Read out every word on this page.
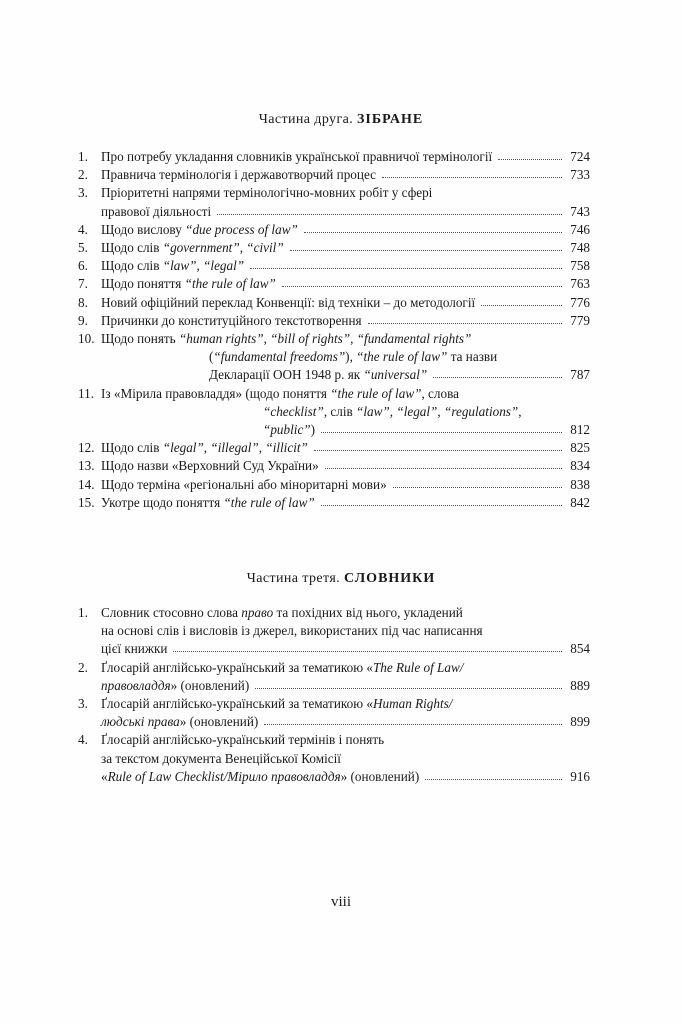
Частина друга. ЗІБРАНЕ
1. Про потребу укладання словників української правничої термінології	724
2. Правнича термінологія і державотворчий процес	733
3. Пріоритетні напрями термінологічно-мовних робіт у сфері
правової діяльності	743
4. Щодо вислову “due process of law”	746
5. Щодо слів “government”, “civil”	748
6. Щодо слів “law”, “legal”	758
7. Щодо поняття “the rule of law”	763
8. Новий офіційний переклад Конвенції: від техніки – до методології	776
9. Причинки до конституційного текстотворення	779
10. Щодо понять “human rights”, “bill of rights”, “fundamental rights”
(“fundamental freedoms”), “the rule of law” та назви
Декларації ООН 1948 р. як “universal”	787
11. Із «Мірила правовладдя» (щодо поняття “the rule of law”, слова
“checklist”, слів “law”, “legal”, “regulations”,
“public”)	812
12. Щодо слів “legal”, “illegal”, “illicit”	825
13. Щодо назви «Верховний Суд України»	834
14. Щодо терміна «регіональні або міноритарні мови»	838
15. Укотре щодо поняття “the rule of law”	842
Частина третя. СЛОВНИКИ
1. Словник стосовно слова право та похідних від нього, укладений
на основі слів і висловів із джерел, використаних під час написання
цієї книжки	854
2. Ґлосарій англійсько-український за тематикою «The Rule of Law/
правовладдя» (оновлений)	889
3. Ґлосарій англійсько-український за тематикою «Human Rights/
людські права» (оновлений)	899
4. Ґлосарій англійсько-український термінів і понять
за текстом документа Венеційської Комісії
«Rule of Law Checklist/Мірило правовладдя» (оновлений)	916
viii
